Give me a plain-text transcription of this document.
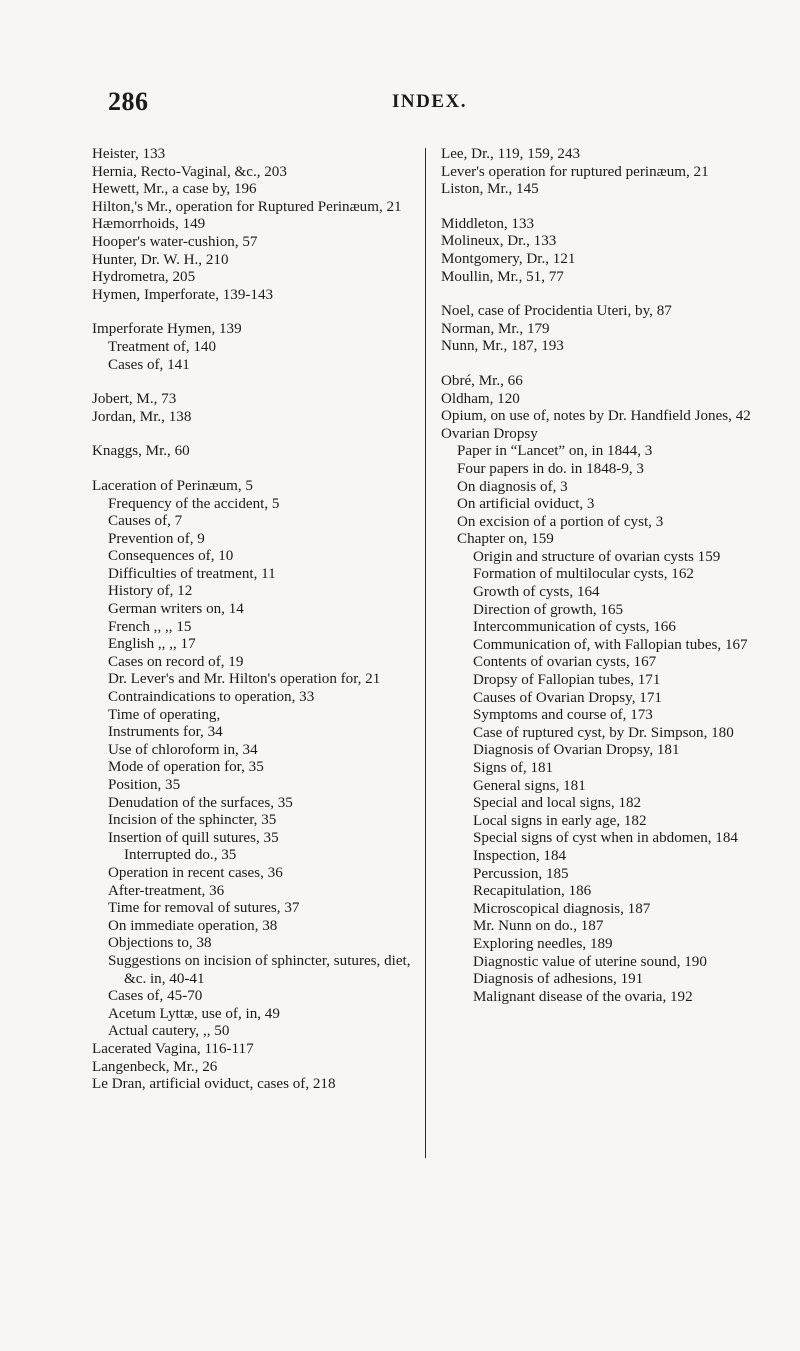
286	INDEX.
Heister, 133
Hernia, Recto-Vaginal, &c., 203
Hewett, Mr., a case by, 196
Hilton,'s Mr., operation for Ruptured Perinæum, 21
Hæmorrhoids, 149
Hooper's water-cushion, 57
Hunter, Dr. W. H., 210
Hydrometra, 205
Hymen, Imperforate, 139-143
Imperforate Hymen, 139
Treatment of, 140
Cases of, 141
Jobert, M., 73
Jordan, Mr., 138
Knaggs, Mr., 60
Laceration of Perinæum, 5
Frequency of the accident, 5
Causes of, 7
Prevention of, 9
Consequences of, 10
Difficulties of treatment, 11
History of, 12
German writers on, 14
French ,, ,, 15
English ,, ,, 17
Cases on record of, 19
Dr. Lever's and Mr. Hilton's operation for, 21
Contraindications to operation, 33
Time of operating,
Instruments for, 34
Use of chloroform in, 34
Mode of operation for, 35
Position, 35
Denudation of the surfaces, 35
Incision of the sphincter, 35
Insertion of quill sutures, 35
Interrupted do., 35
Operation in recent cases, 36
After-treatment, 36
Time for removal of sutures, 37
On immediate operation, 38
Objections to, 38
Suggestions on incision of sphincter, sutures, diet, &c. in, 40-41
Cases of, 45-70
Acetum Lyttæ, use of, in, 49
Actual cautery, ,, 50
Lacerated Vagina, 116-117
Langenbeck, Mr., 26
Le Dran, artificial oviduct, cases of, 218
Lee, Dr., 119, 159, 243
Lever's operation for ruptured perinæum, 21
Liston, Mr., 145
Middleton, 133
Molineux, Dr., 133
Montgomery, Dr., 121
Moullin, Mr., 51, 77
Noel, case of Procidentia Uteri, by, 87
Norman, Mr., 179
Nunn, Mr., 187, 193
Obré, Mr., 66
Oldham, 120
Opium, on use of, notes by Dr. Handfield Jones, 42
Ovarian Dropsy
Paper in “Lancet” on, in 1844, 3
Four papers in do. in 1848-9, 3
On diagnosis of, 3
On artificial oviduct, 3
On excision of a portion of cyst, 3
Chapter on, 159
Origin and structure of ovarian cysts 159
Formation of multilocular cysts, 162
Growth of cysts, 164
Direction of growth, 165
Intercommunication of cysts, 166
Communication of, with Fallopian tubes, 167
Contents of ovarian cysts, 167
Dropsy of Fallopian tubes, 171
Causes of Ovarian Dropsy, 171
Symptoms and course of, 173
Case of ruptured cyst, by Dr. Simpson, 180
Diagnosis of Ovarian Dropsy, 181
Signs of, 181
General signs, 181
Special and local signs, 182
Local signs in early age, 182
Special signs of cyst when in abdomen, 184
Inspection, 184
Percussion, 185
Recapitulation, 186
Microscopical diagnosis, 187
Mr. Nunn on do., 187
Exploring needles, 189
Diagnostic value of uterine sound, 190
Diagnosis of adhesions, 191
Malignant disease of the ovaria, 192
